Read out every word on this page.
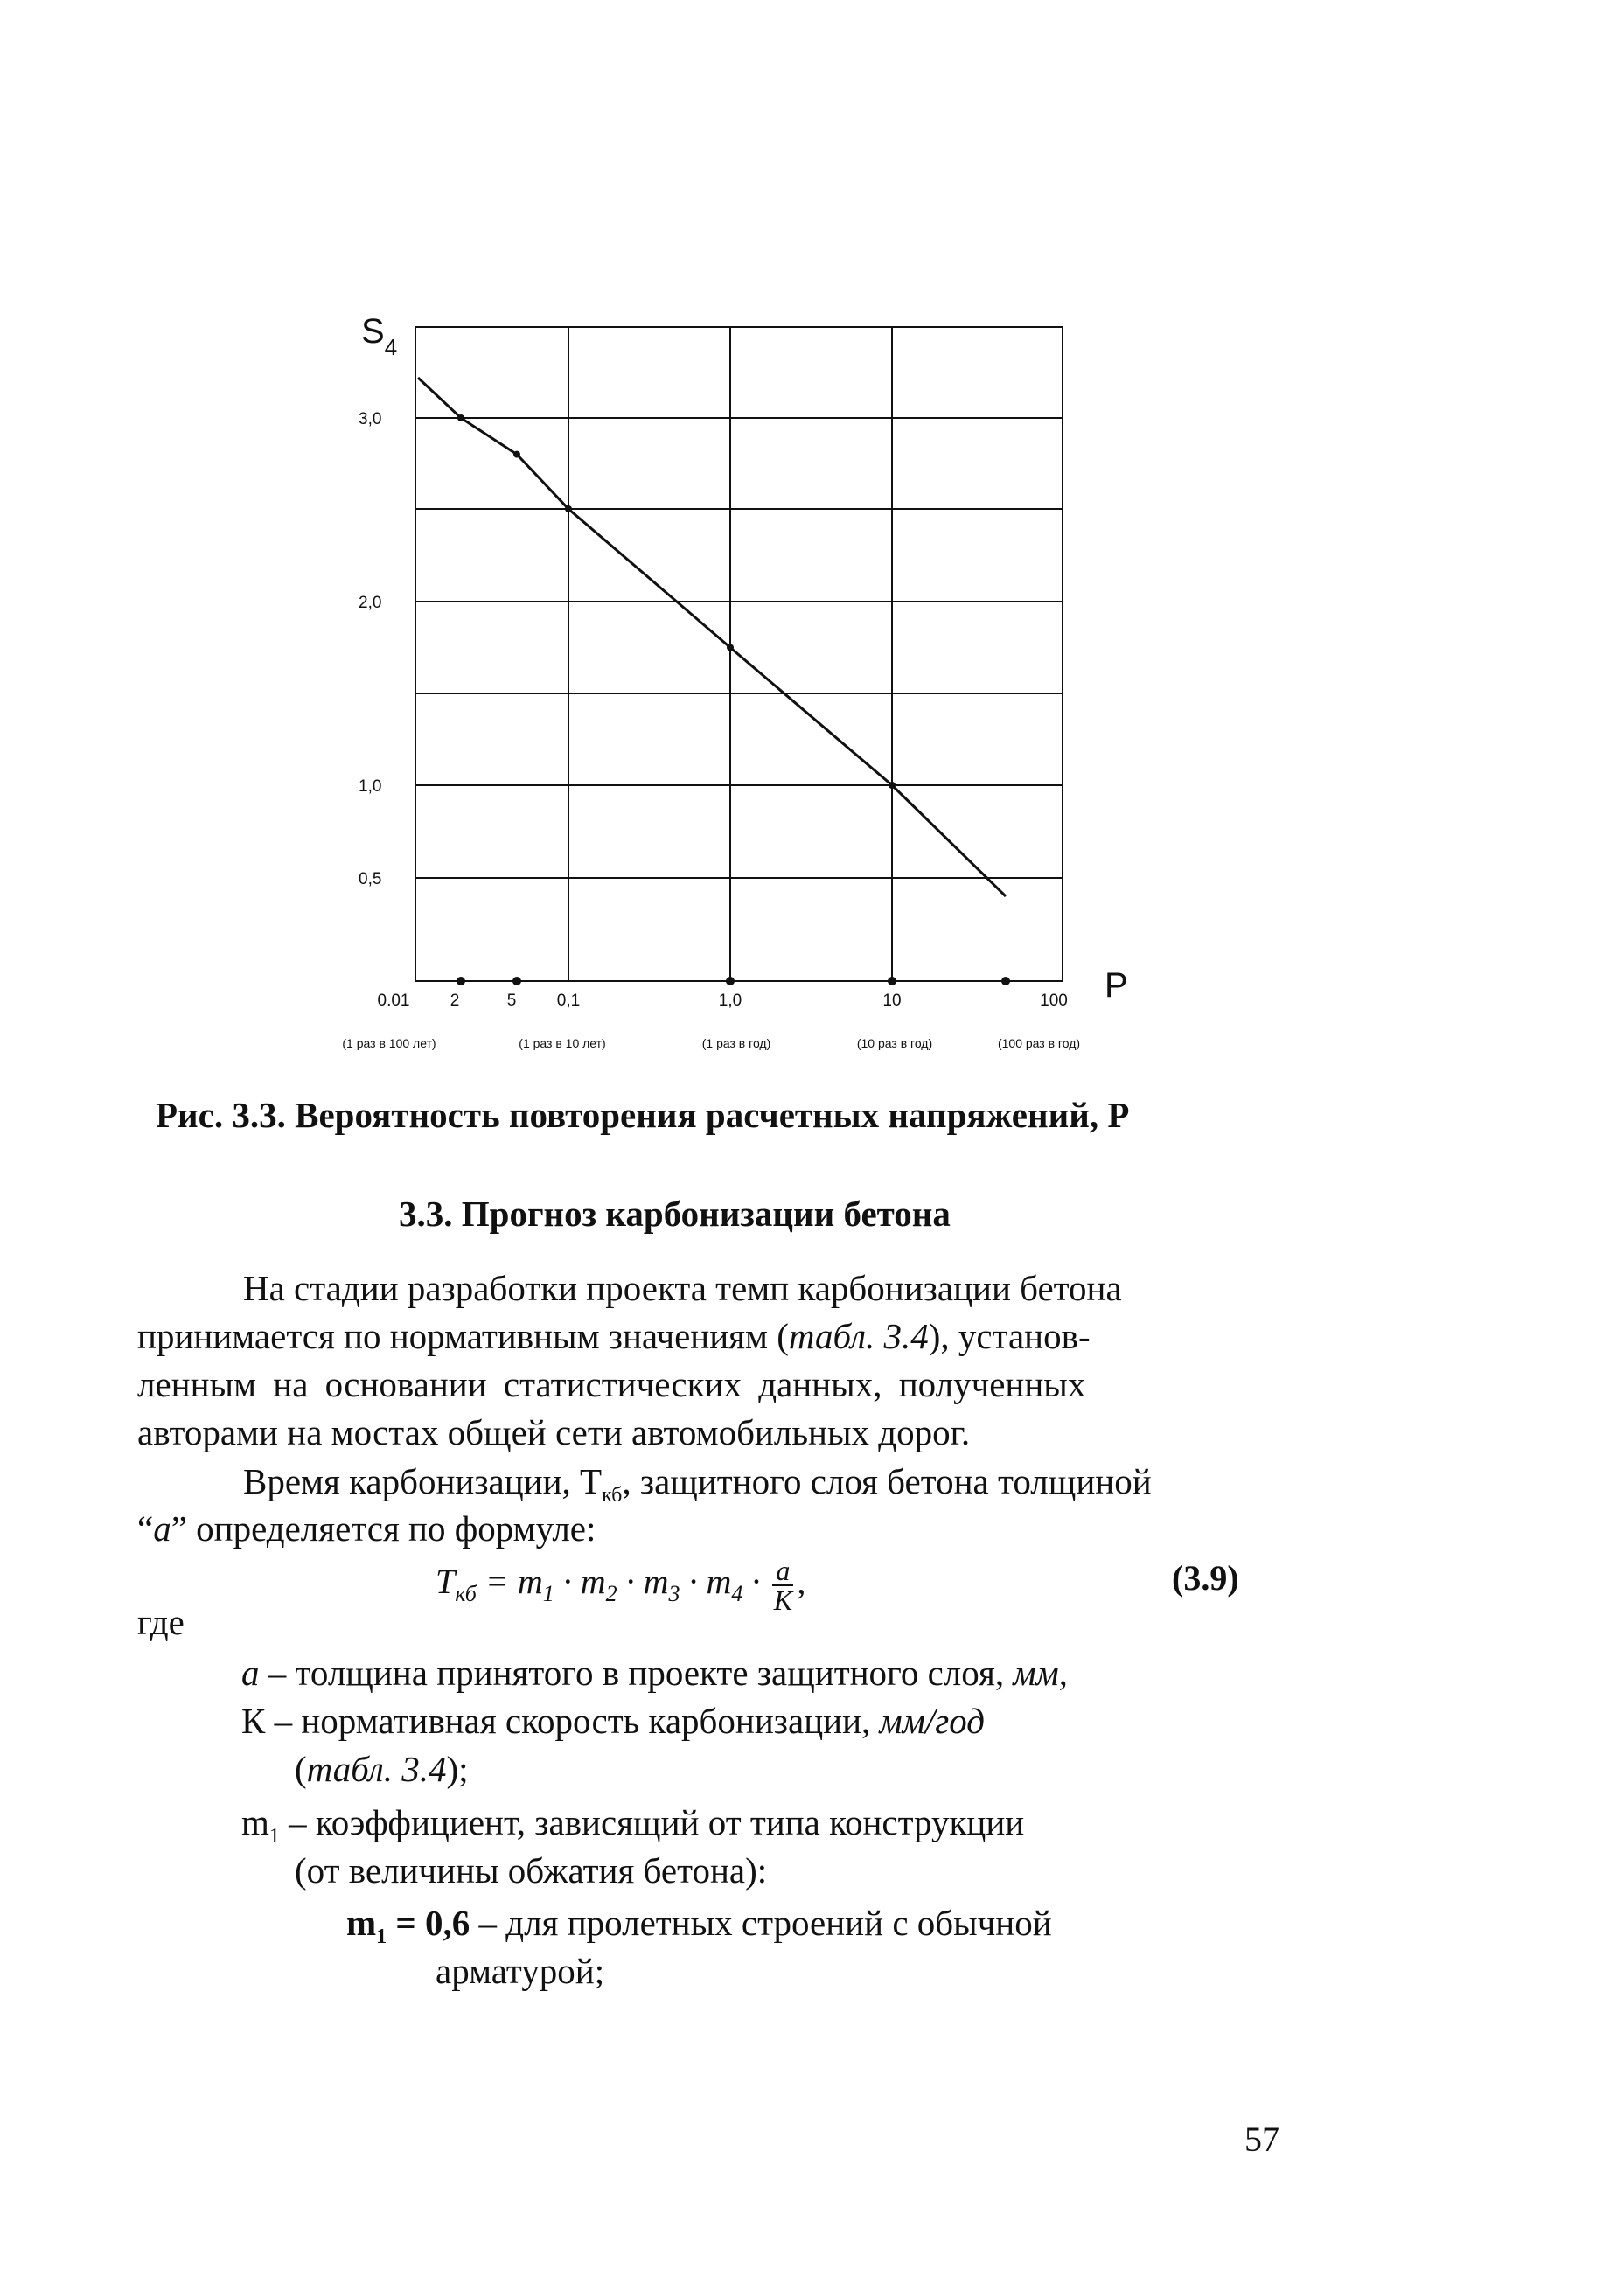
3,0
2,0
1,0
0,5
0.01 2	5 0,1	1,0	10	100
(1 раз в 100 лет)	(1 раз в 10 лет)	(1 раз в год)	(10 раз в год)	(100 раз в год)
$S_4$
P
Рис. 3.3. Вероятность повторения расчетных напряжений, P
3.3. Прогноз карбонизации бетона
На стадии разработки проекта темп карбонизации бетона
принимается по нормативным значениям (табл. 3.4), установ-
ленным на основании статистических данных, полученных
авторами на мостах общей сети автомобильных дорог.
Время карбонизации, $Т_{кб}$, защитного слоя бетона толщиной
“a” определяется по формуле:
$T_{кб} = m_1 \cdot m_2 \cdot m_3 \cdot m_4 \cdot \frac{a}{K}$ ,	(3.9)
где
a – толщина принятого в проекте защитного слоя, мм,
К – нормативная скорость карбонизации, мм/год
(табл. 3.4);
$m_1$ – коэффициент, зависящий от типа конструкции
(от величины обжатия бетона):
$m_1 = 0,6$ – для пролетных строений с обычной
арматурой;
57
